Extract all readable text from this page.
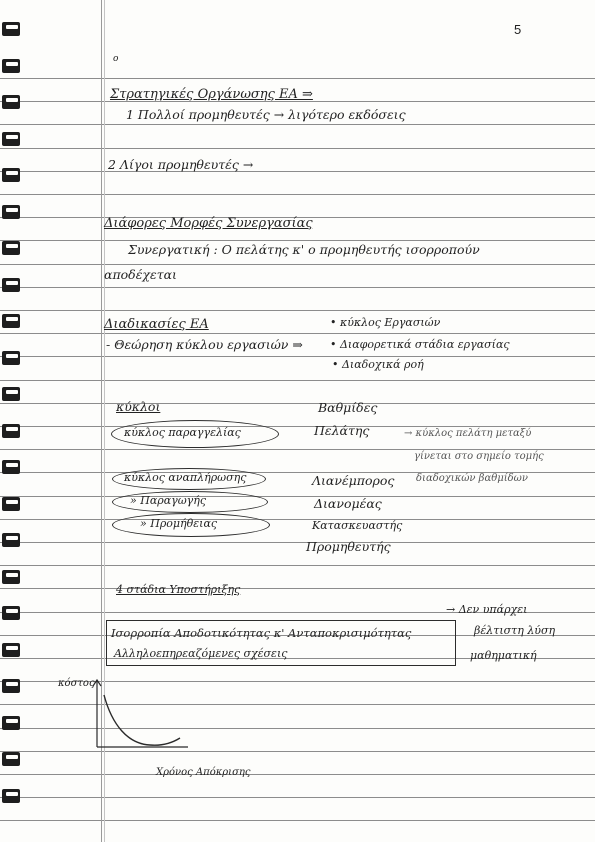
5
o
Στρατηγικές Οργάνωσης ΕΑ ⇒
1 Πολλοί προμηθευτές → λιγότερο εκδόσεις
2 Λίγοι προμηθευτές →
Διάφορες Μορφές Συνεργασίας
Συνεργατική : Ο πελάτης κ' ο προμηθευτής ισορροπούν
αποδέχεται
Διαδικασίες ΕΑ
- Θεώρηση κύκλου εργασιών ⇒
• κύκλος Εργασιών
• Διαφορετικά στάδια εργασίας
• Διαδοχικά ροή
κύκλοι
κύκλος παραγγελίας
κύκλος αναπλήρωσης
» Παραγωγής
» Προμήθειας
Βαθμίδες
Πελάτης
Λιανέμπορος
Διανομέας
Κατασκευαστής
Προμηθευτής
→ κύκλος πελάτη μεταξύ
γίνεται στο σημείο τομής
διαδοχικών βαθμίδων
4 στάδια Υποστήριξης
→ Δεν υπάρχει
βέλτιστη λύση
μαθηματική
Ισορροπία Αποδοτικότητας κ' Ανταποκρισιμότητας
Αλληλοεπηρεαζόμενες σχέσεις
κόστος
Χρόνος Απόκρισης
